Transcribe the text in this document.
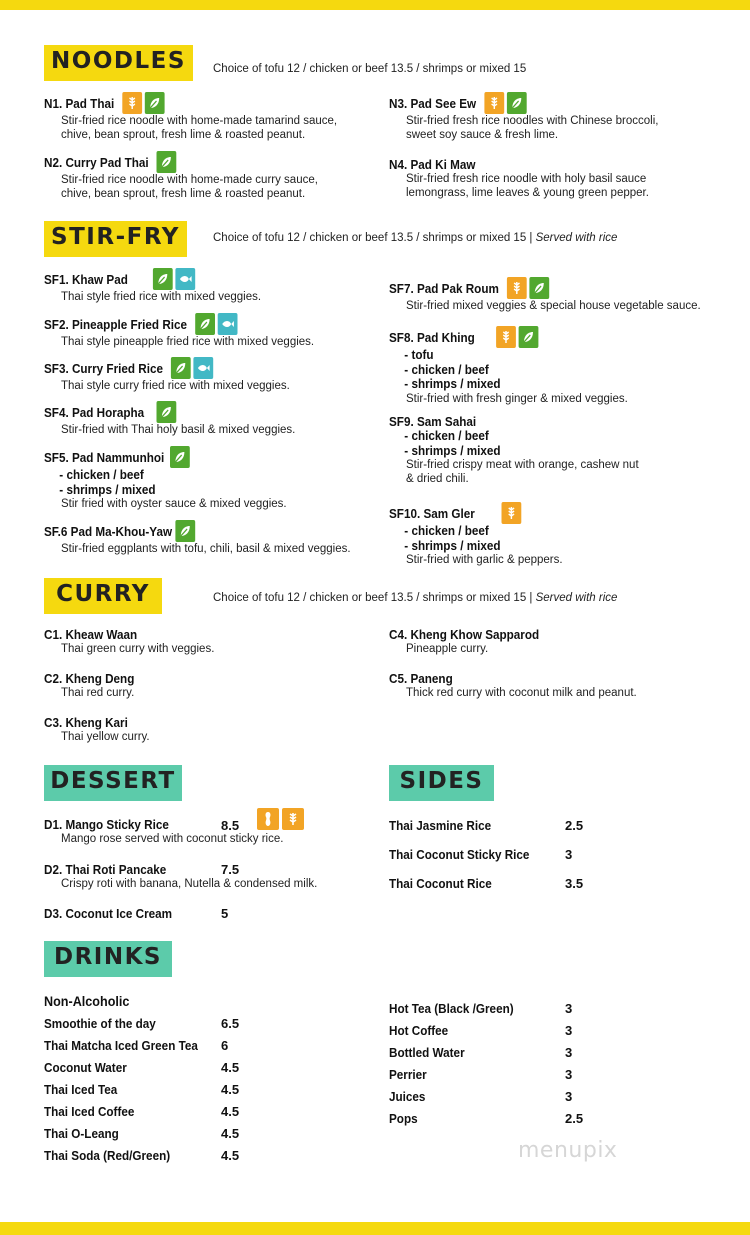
NOODLES	Choice of tofu 12 / chicken or beef 13.5 / shrimps or mixed 15
N1. Pad Thai
Stir-fried rice noodle with home-made tamarind sauce,
chive, bean sprout, fresh lime & roasted peanut.
N2. Curry Pad Thai
Stir-fried rice noodle with home-made curry sauce,
chive, bean sprout, fresh lime & roasted peanut.
N3. Pad See Ew
Stir-fried fresh rice noodles with Chinese broccoli,
sweet soy sauce & fresh lime.
N4. Pad Ki Maw
Stir-fried fresh rice noodle with holy basil sauce
lemongrass, lime leaves & young green pepper.
STIR-FRY	Choice of tofu 12 / chicken or beef 13.5 / shrimps or mixed 15 | Served with rice
SF1. Khaw Pad
Thai style fried rice with mixed veggies.
SF2. Pineapple Fried Rice
Thai style pineapple fried rice with mixed veggies.
SF3. Curry Fried Rice
Thai style curry fried rice with mixed veggies.
SF4. Pad Horapha
Stir-fried with Thai holy basil & mixed veggies.
SF5. Pad Nammunhoi
- chicken / beef
- shrimps / mixed
Stir fried with oyster sauce & mixed veggies.
SF.6 Pad Ma-Khou-Yaw
Stir-fried eggplants with tofu, chili, basil & mixed veggies.
SF7. Pad Pak Roum
Stir-fried mixed veggies & special house vegetable sauce.
SF8. Pad Khing
- tofu
- chicken / beef
- shrimps / mixed
Stir-fried with fresh ginger & mixed veggies.
SF9. Sam Sahai
- chicken / beef
- shrimps / mixed
Stir-fried crispy meat with orange, cashew nut
& dried chili.
SF10. Sam Gler
- chicken / beef
- shrimps / mixed
Stir-fried with garlic & peppers.
CURRY	Choice of tofu 12 / chicken or beef 13.5 / shrimps or mixed 15 | Served with rice
C1. Kheaw Waan
Thai green curry with veggies.
C2. Kheng Deng
Thai red curry.
C3. Kheng Kari
Thai yellow curry.
C4. Kheng Khow Sapparod
Pineapple curry.
C5. Paneng
Thick red curry with coconut milk and peanut.
DESSERT
D1. Mango Sticky Rice
Mango rose served with coconut sticky rice.
8.5
D2. Thai Roti Pancake
Crispy roti with banana, Nutella & condensed milk.
7.5
D3. Coconut Ice Cream	5
SIDES
Thai Jasmine Rice	2.5
Thai Coconut Sticky Rice	3
Thai Coconut Rice	3.5
DRINKS
Non-Alcoholic
Smoothie of the day	6.5
Thai Matcha Iced Green Tea 6
Coconut Water	4.5
Thai Iced Tea	4.5
Thai Iced Coffee	4.5
Thai O-Leang	4.5
Thai Soda (Red/Green)	4.5
Hot Tea (Black /Green)	3
Hot Coffee	3
Bottled Water	3
Perrier	3
Juices	3
Pops	2.5
menupix
